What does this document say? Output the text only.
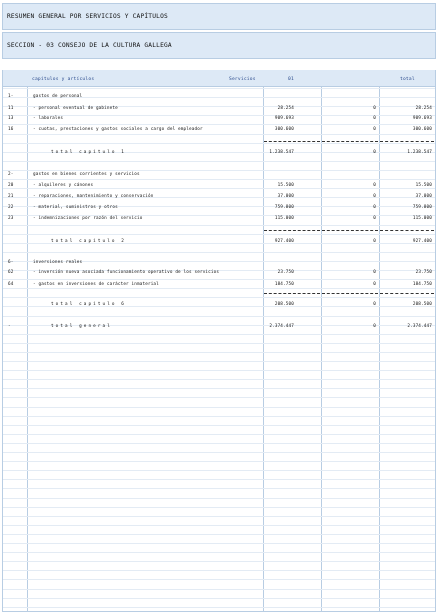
RESUMEN GENERAL POR SERVICIOS Y CAPÍTULOS
SECCION - 03 CONSEJO DE LA CULTURA GALLEGA
capítulos y artículos	Servicios	01	total
1-	gastos de personal
11	- personal eventual de gabinete	28.254	0	28.254
13	- laborales	909.693	0	909.693
16	- cuotas, prestaciones y gastos sociales a cargo del empleador	300.600	0	300.600
total capítulo 1	1.238.547	0	1.238.547
2-	gastos en bienes corrientes y servicios
20	- alquileres y cánones	15.500	0	15.500
21	- reparaciones, mantenimiento y conservación	37.000	0	37.000
22	- material, suministros y otros	759.800	0	759.800
23	- indemnizaciones por razón del servicio	115.000	0	115.000
total capítulo 2	927.400	0	927.400
6-	inversiones reales
62	- inversión nueva asociada funcionamiento operativo de los servicios	23.750	0	23.750
64	- gastos en inversiones de carácter inmaterial	184.750	0	184.750
total capítulo 6	208.500	0	208.500
-	total general	2.374.447	0	2.374.447
